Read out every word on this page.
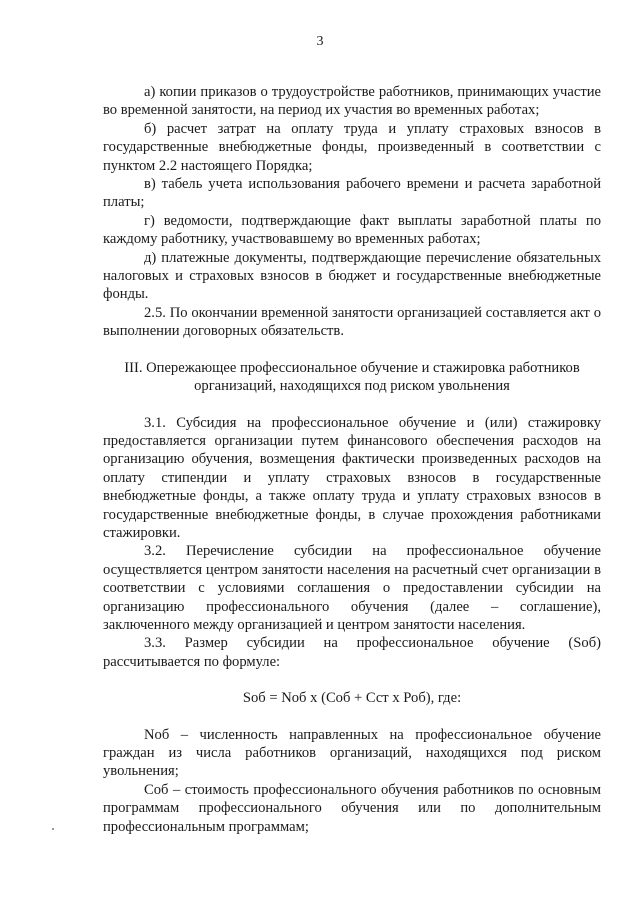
3

а) копии приказов о трудоустройстве работников, принимающих участие во временной занятости, на период их участия во временных работах;

б) расчет затрат на оплату труда и уплату страховых взносов в государственные внебюджетные фонды, произведенный в соответствии с пунктом 2.2 настоящего Порядка;

в) табель учета использования рабочего времени и расчета заработной платы;

г) ведомости, подтверждающие факт выплаты заработной платы по каждому работнику, участвовавшему во временных работах;

д) платежные документы, подтверждающие перечисление обязательных налоговых и страховых взносов в бюджет и государственные внебюджетные фонды.

2.5. По окончании временной занятости организацией составляется акт о выполнении договорных обязательств.

III. Опережающее профессиональное обучение и стажировка работников
организаций, находящихся под риском увольнения

3.1. Субсидия на профессиональное обучение и (или) стажировку предоставляется организации путем финансового обеспечения расходов на организацию обучения, возмещения фактически произведенных расходов на оплату стипендии и уплату страховых взносов в государственные внебюджетные фонды, а также оплату труда и уплату страховых взносов в государственные внебюджетные фонды, в случае прохождения работниками стажировки.

3.2. Перечисление субсидии на профессиональное обучение осуществляется центром занятости населения на расчетный счет организации в соответствии с условиями соглашения о предоставлении субсидии на организацию профессионального обучения (далее – соглашение), заключенного между организацией и центром занятости населения.

3.3. Размер субсидии на профессиональное обучение (Sоб) рассчитывается по формуле:

Sоб = Nоб х (Соб + Сст х Роб), где:

Nоб – численность направленных на профессиональное обучение граждан из числа работников организаций, находящихся под риском увольнения;

Соб – стоимость профессионального обучения работников по основным программам профессионального обучения или по дополнительным профессиональным программам;
